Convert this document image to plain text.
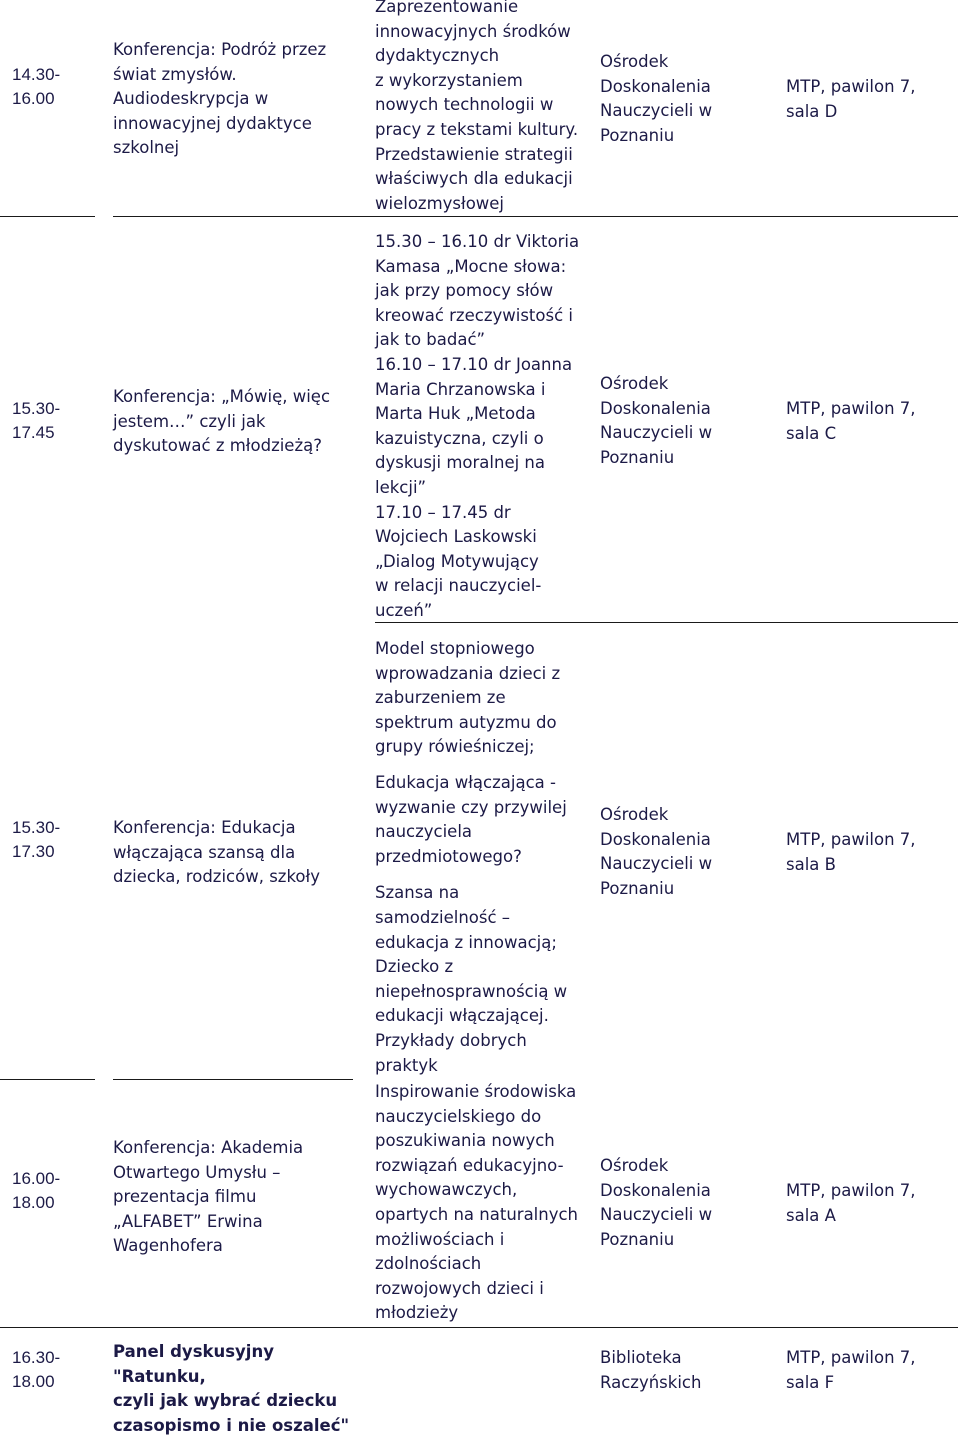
14.30-
16.00
Konferencja: Podróż przez
świat zmysłów.
Audiodeskrypcja w
innowacyjnej dydaktyce
szkolnej
Zaprezentowanie
innowacyjnych środków
dydaktycznych
z wykorzystaniem
nowych technologii w
pracy z tekstami kultury.
Przedstawienie strategii
właściwych dla edukacji
wielozmysłowej
Ośrodek
Doskonalenia
Nauczycieli w
Poznaniu
MTP, pawilon 7,
sala D
15.30-
17.45
Konferencja: „Mówię, więc
jestem…” czyli jak
dyskutować z młodzieżą?
15.30 – 16.10 dr Viktoria
Kamasa „Mocne słowa:
jak przy pomocy słów
kreować rzeczywistość i
jak to badać”
16.10 – 17.10 dr Joanna
Maria Chrzanowska i
Marta Huk „Metoda
kazuistyczna, czyli o
dyskusji moralnej na
lekcji”
17.10 – 17.45 dr
Wojciech Laskowski
„Dialog Motywujący
w relacji nauczyciel-
uczeń”
Ośrodek
Doskonalenia
Nauczycieli w
Poznaniu
MTP, pawilon 7,
sala C
15.30-
17.30
Konferencja: Edukacja
włączająca szansą dla
dziecka, rodziców, szkoły
Model stopniowego
wprowadzania dzieci z
zaburzeniem ze
spektrum autyzmu do
grupy rówieśniczej;
Edukacja włączająca -
wyzwanie czy przywilej
nauczyciela
przedmiotowego?
Szansa na
samodzielność –
edukacja z innowacją;
Dziecko z
niepełnosprawnością w
edukacji włączającej.
Przykłady dobrych
praktyk
Ośrodek
Doskonalenia
Nauczycieli w
Poznaniu
MTP, pawilon 7,
sala B
16.00-
18.00
Konferencja: Akademia
Otwartego Umysłu –
prezentacja filmu
„ALFABET” Erwina
Wagenhofera
Inspirowanie środowiska
nauczycielskiego do
poszukiwania nowych
rozwiązań edukacyjno-
wychowawczych,
opartych na naturalnych
możliwościach i
zdolnościach
rozwojowych dzieci i
młodzieży
Ośrodek
Doskonalenia
Nauczycieli w
Poznaniu
MTP, pawilon 7,
sala A
16.30-
18.00
Panel dyskusyjny "Ratunku,
czyli jak wybrać dziecku
czasopismo i nie oszaleć"
Biblioteka
Raczyńskich
MTP, pawilon 7,
sala F
